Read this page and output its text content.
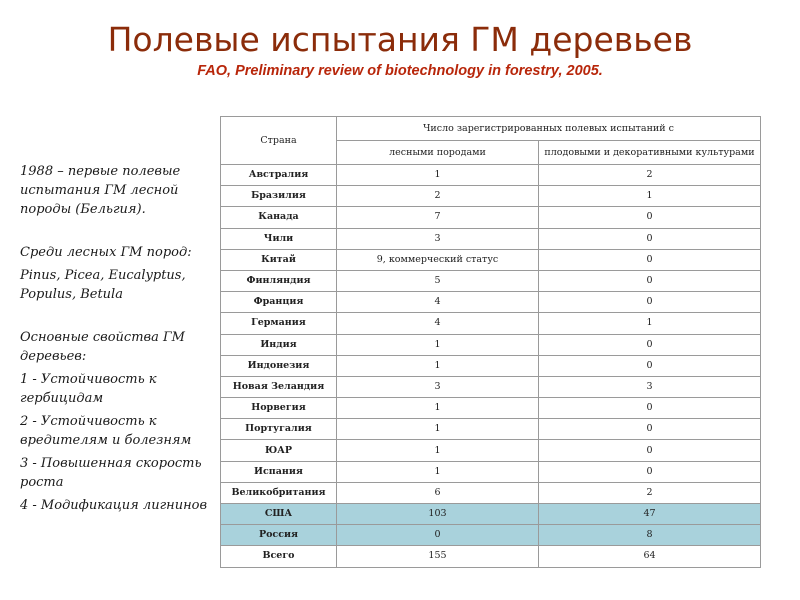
Полевые испытания ГМ деревьев
FAO, Preliminary review of biotechnology in forestry, 2005.

1988 – первые полевые испытания ГМ лесной породы (Бельгия).

Среди лесных ГМ пород:

Pinus, Picea, Eucalyptus, Populus, Betula

Основные свойства ГМ деревьев:

1 - Устойчивость к гербицидам

2 - Устойчивость к вредителям и болезням

3 - Повышенная скорость роста

4 - Модификация лигнинов

Страна	Число зарегистрированных полевых испытаний с	
	лесными породами	плодовыми и декоративными культурами
Австралия	1	2
Бразилия	2	1
Канада	7	0
Чили	3	0
Китай	9, коммерческий статус	0
Финляндия	5	0
Франция	4	0
Германия	4	1
Индия	1	0
Индонезия	1	0
Новая Зеландия	3	3
Норвегия	1	0
Португалия	1	0
ЮАР	1	0
Испания	1	0
Великобритания	6	2
США	103	47
Россия	0	8
Всего	155	64
